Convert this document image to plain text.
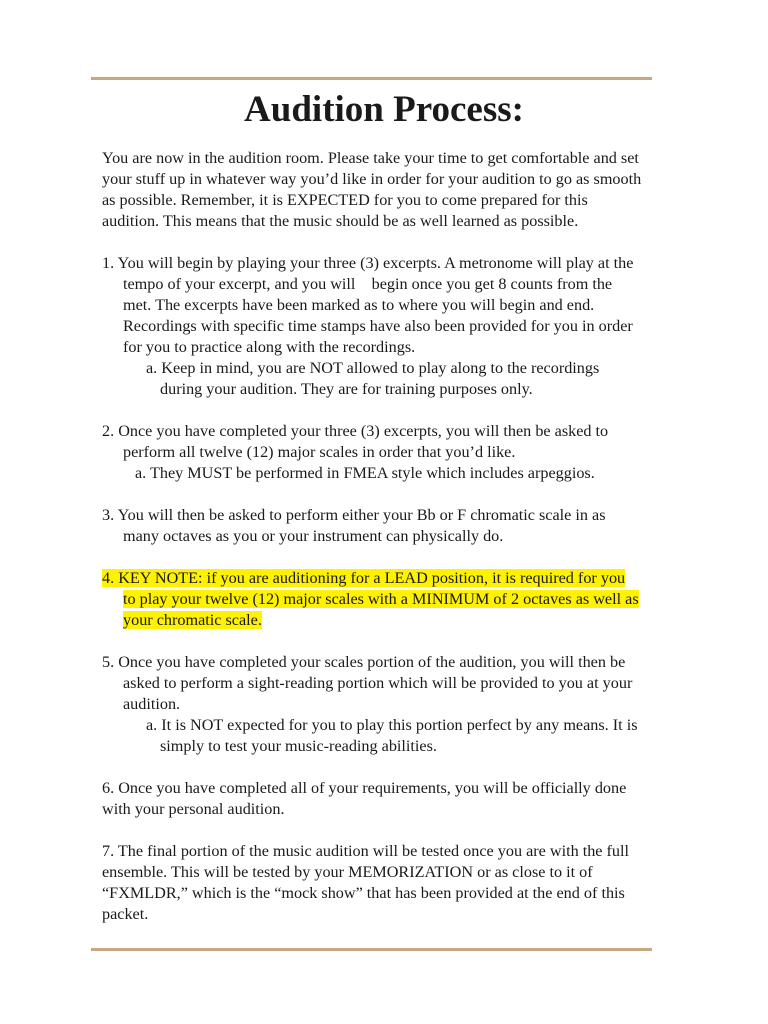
Audition Process:

You are now in the audition room. Please take your time to get comfortable and set
your stuff up in whatever way you’d like in order for your audition to go as smooth
as possible. Remember, it is EXPECTED for you to come prepared for this
audition. This means that the music should be as well learned as possible.

1. You will begin by playing your three (3) excerpts. A metronome will play at the
tempo of your excerpt, and you will    begin once you get 8 counts from the
met. The excerpts have been marked as to where you will begin and end.
Recordings with specific time stamps have also been provided for you in order
for you to practice along with the recordings.
a. Keep in mind, you are NOT allowed to play along to the recordings
during your audition. They are for training purposes only.
2. Once you have completed your three (3) excerpts, you will then be asked to
perform all twelve (12) major scales in order that you’d like.
a. They MUST be performed in FMEA style which includes arpeggios.
3. You will then be asked to perform either your Bb or F chromatic scale in as
many octaves as you or your instrument can physically do.
4. KEY NOTE: if you are auditioning for a LEAD position, it is required for you
to play your twelve (12) major scales with a MINIMUM of 2 octaves as well as
your chromatic scale.
5. Once you have completed your scales portion of the audition, you will then be
asked to perform a sight-reading portion which will be provided to you at your
audition.
a. It is NOT expected for you to play this portion perfect by any means. It is
simply to test your music-reading abilities.
6. Once you have completed all of your requirements, you will be officially done
with your personal audition.
7. The final portion of the music audition will be tested once you are with the full
ensemble. This will be tested by your MEMORIZATION or as close to it of
“FXMLDR,” which is the “mock show” that has been provided at the end of this
packet.
